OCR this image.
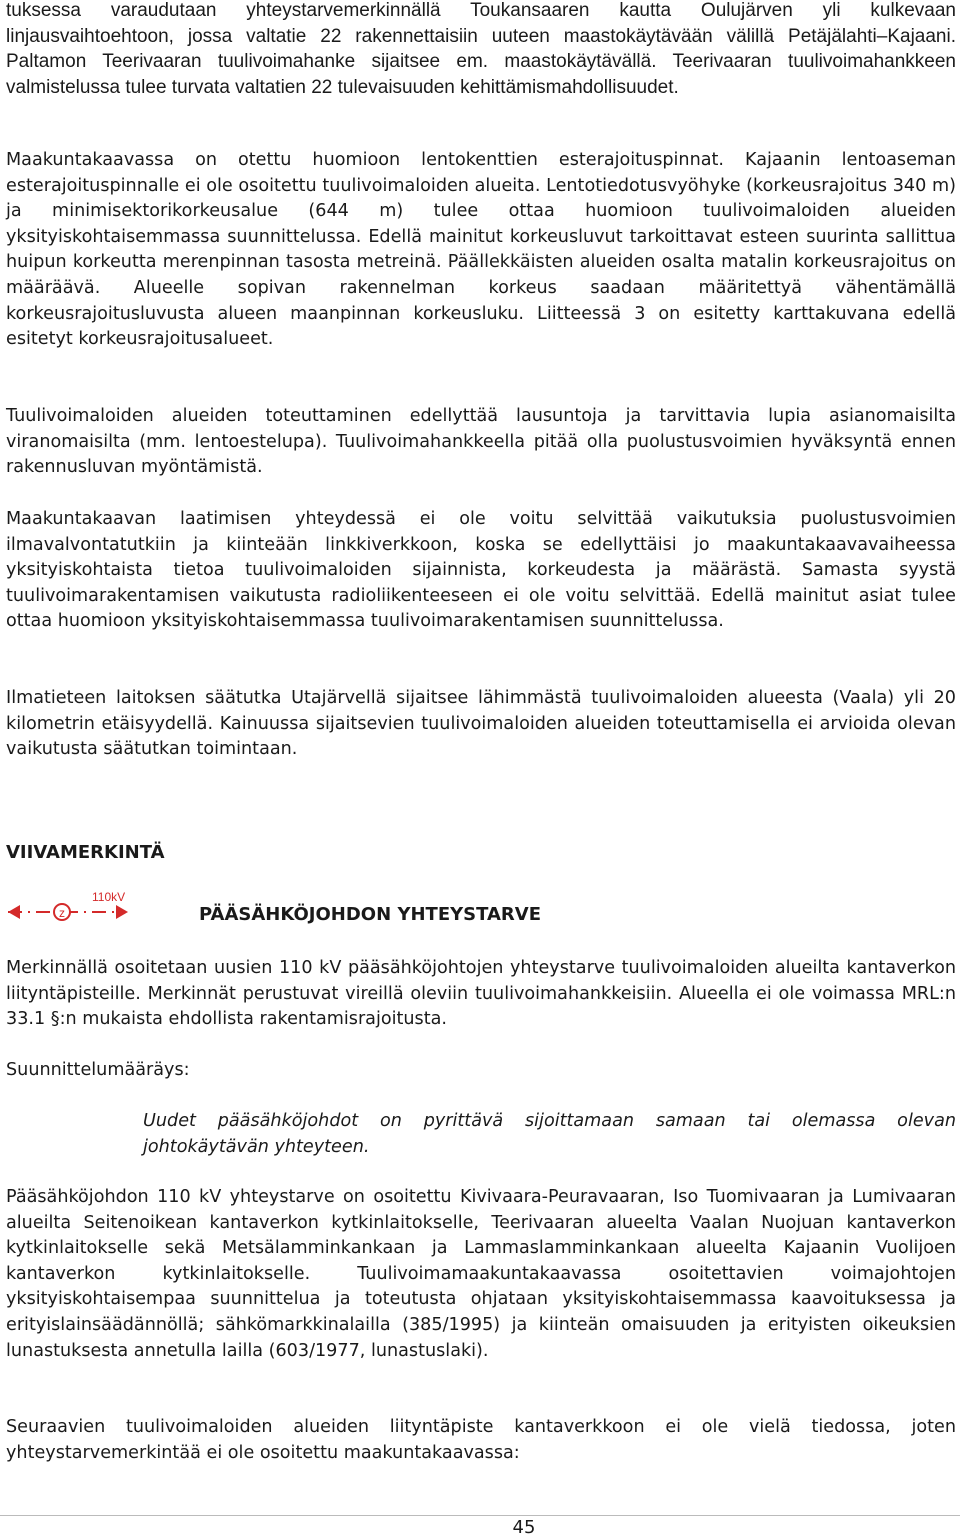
tuksessa varaudutaan yhteystarvemerkinnällä Toukansaaren kautta Oulujärven yli kulkevaan linjausvaihtoehtoon, jossa valtatie 22 rakennettaisiin uuteen maastokäytävään välillä Petäjälahti–Kajaani. Paltamon Teerivaaran tuulivoimahanke sijaitsee em. maastokäytävällä. Teerivaaran tuulivoimahankkeen valmistelussa tulee turvata valtatien 22 tulevaisuuden kehittämismahdollisuudet.

Maakuntakaavassa on otettu huomioon lentokenttien esterajoituspinnat. Kajaanin lentoaseman esterajoituspinnalle ei ole osoitettu tuulivoimaloiden alueita. Lentotiedotusvyöhyke (korkeusrajoitus 340 m) ja minimisektorikorkeusalue (644 m) tulee ottaa huomioon tuulivoimaloiden alueiden yksityiskohtaisemmassa suunnittelussa. Edellä mainitut korkeusluvut tarkoittavat esteen suurinta sallittua huipun korkeutta merenpinnan tasosta metreinä. Päällekkäisten alueiden osalta matalin korkeusrajoitus on määräävä. Alueelle sopivan rakennelman korkeus saadaan määritettyä vähentämällä korkeusrajoitusluvusta alueen maanpinnan korkeusluku. Liitteessä 3 on esitetty karttakuvana edellä esitetyt korkeusrajoitusalueet.

Tuulivoimaloiden alueiden toteuttaminen edellyttää lausuntoja ja tarvittavia lupia asianomaisilta viranomaisilta (mm. lentoestelupa). Tuulivoimahankkeella pitää olla puolustusvoimien hyväksyntä ennen rakennusluvan myöntämistä.

Maakuntakaavan laatimisen yhteydessä ei ole voitu selvittää vaikutuksia puolustusvoimien ilmavalvontatutkiin ja kiinteään linkkiverkkoon, koska se edellyttäisi jo maakuntakaavavaiheessa yksityiskohtaista tietoa tuulivoimaloiden sijainnista, korkeudesta ja määrästä. Samasta syystä tuulivoimarakentamisen vaikutusta radioliikenteeseen ei ole voitu selvittää. Edellä mainitut asiat tulee ottaa huomioon yksityiskohtaisemmassa tuulivoimarakentamisen suunnittelussa.

Ilmatieteen laitoksen säätutka Utajärvellä sijaitsee lähimmästä tuulivoimaloiden alueesta (Vaala) yli 20 kilometrin etäisyydellä. Kainuussa sijaitsevien tuulivoimaloiden alueiden toteuttamisella ei arvioida olevan vaikutusta säätutkan toimintaan.

VIIVAMERKINTÄ
z
110kV
PÄÄSÄHKÖJOHDON YHTEYSTARVE

Merkinnällä osoitetaan uusien 110 kV pääsähköjohtojen yhteystarve tuulivoimaloiden alueilta kantaverkon liityntäpisteille. Merkinnät perustuvat vireillä oleviin tuulivoimahankkeisiin. Alueella ei ole voimassa MRL:n 33.1 §:n mukaista ehdollista rakentamisrajoitusta.

Suunnittelumääräys:

Uudet pääsähköjohdot on pyrittävä sijoittamaan samaan tai olemassa olevan johtokäytävän yhteyteen.

Pääsähköjohdon 110 kV yhteystarve on osoitettu Kivivaara-Peuravaaran, Iso Tuomivaaran ja Lumivaaran alueilta Seitenoikean kantaverkon kytkinlaitokselle, Teerivaaran alueelta Vaalan Nuojuan kantaverkon kytkinlaitokselle sekä Metsälamminkankaan ja Lammaslamminkankaan alueelta Kajaanin Vuolijoen kantaverkon kytkinlaitokselle. Tuulivoimamaakuntakaavassa osoitettavien voimajohtojen yksityiskohtaisempaa suunnittelua ja toteutusta ohjataan yksityiskohtaisemmassa kaavoituksessa ja erityislainsäädännöllä; sähkömarkkinalailla (385/1995) ja kiinteän omaisuuden ja erityisten oikeuksien lunastuksesta annetulla lailla (603/1977, lunastuslaki).

Seuraavien tuulivoimaloiden alueiden liityntäpiste kantaverkkoon ei ole vielä tiedossa, joten yhteystarvemerkintää ei ole osoitettu maakuntakaavassa:

45
